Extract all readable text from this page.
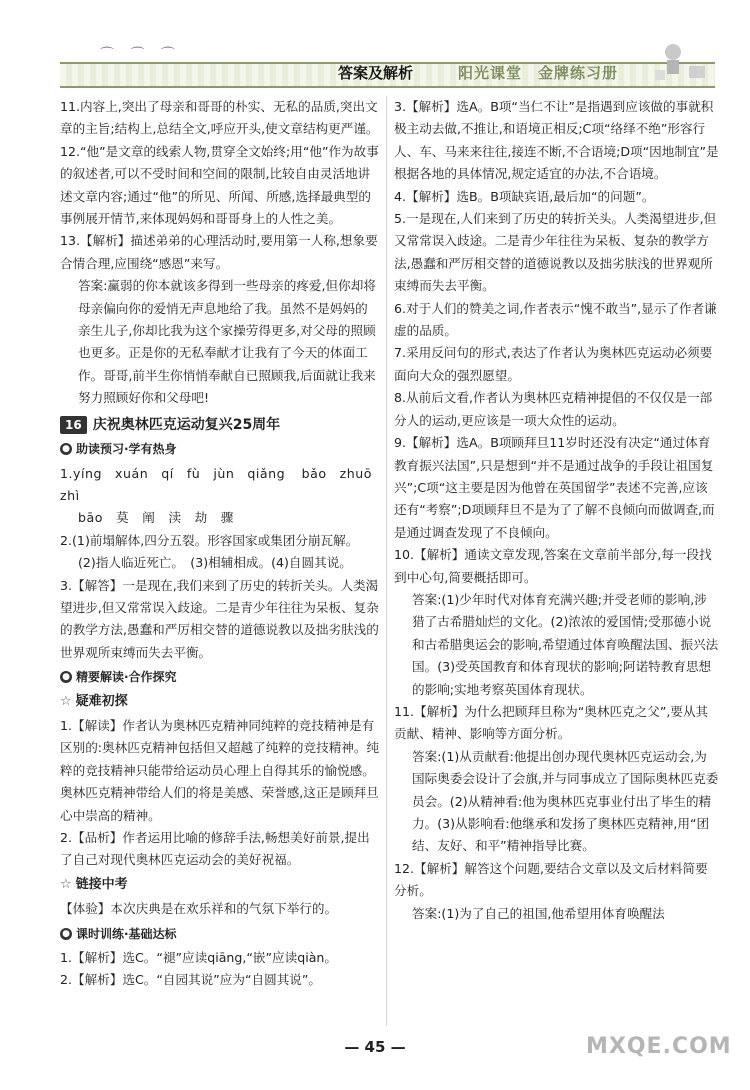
⌒ ⌒ ⌒
答案及解析	阳光课堂　金牌练习册

11.内容上,突出了母亲和哥哥的朴实、无私的品质,突出文章的主旨;结构上,总结全文,呼应开头,使文章结构更严谨。

12.“他”是文章的线索人物,贯穿全文始终;用“他”作为故事的叙述者,可以不受时间和空间的限制,比较自由灵活地讲述文章内容;通过“他”的所见、所闻、所感,选择最典型的事例展开情节,来体现妈妈和哥哥身上的人性之美。

13.【解析】描述弟弟的心理活动时,要用第一人称,想象要合情合理,应围绕“感恩”来写。

答案:赢弱的你本就该多得到一些母亲的疼爱,但你却将母亲偏向你的爱悄无声息地给了我。虽然不是妈妈的亲生儿子,你却比我为这个家操劳得更多,对父母的照顾也更多。正是你的无私奉献才让我有了今天的体面工作。哥哥,前半生你悄悄奉献自已照顾我,后面就让我来努力照顾好你和父母吧!

16 庆祝奥林匹克运动复兴25周年
● 助读预习·学有热身

1.yíng　xuán　qí　fù　jùn　qiǎng bǎo　zhuō　zhì

bāo　莫　阐　渎　劫　骤

2.(1)前塌解体,四分五裂。形容国家或集团分崩瓦解。

(2)指人临近死亡。　(3)相辅相成。(4)自圆其说。

3.【解答】一是现在,我们来到了历史的转折关头。人类渴望进步,但又常常误入歧途。二是青少年往往为呆板、复杂的教学方法,愚蠢和严厉相交替的道德说教以及拙劣肤浅的世界观所束缚而失去平衡。

● 精要解读·合作探究
☆ 疑难初探

1.【解读】作者认为奥林匹克精神同纯粹的竞技精神是有区别的:奥林匹克精神包括但又超越了纯粹的竞技精神。纯粹的竞技精神只能带给运动员心理上自得其乐的愉悦感。奥林匹克精神带给人们的将是美感、荣誉感,这正是顾拜旦心中崇高的精神。

2.【品析】作者运用比喻的修辞手法,畅想美好前景,提出了自己对现代奥林匹克运动会的美好祝福。

☆ 链接中考

【体验】本次庆典是在欢乐祥和的气氛下举行的。

● 课时训练·基础达标

1.【解析】选C。“褪”应读qiāng,“嵌”应读qiàn。

2.【解析】选C。“自园其说”应为“自圆其说”。

3.【解析】选A。B项“当仁不让”是指遇到应该做的事就积极主动去做,不推让,和语境正相反;C项“络绎不绝”形容行人、车、马来来往往,接连不断,不合语境;D项“因地制宜”是根据各地的具体情况,规定适宜的办法,不合语境。

4.【解析】选B。B项缺宾语,最后加“的问题”。

5.一是现在,人们来到了历史的转折关头。人类渴望进步,但又常常误入歧途。二是青少年往往为呆板、复杂的教学方法,愚蠢和严厉相交替的道德说教以及拙劣肤浅的世界观所束缚而失去平衡。

6.对于人们的赞美之词,作者表示“愧不敢当”,显示了作者谦虚的品质。

7.采用反问句的形式,表达了作者认为奥林匹克运动必须要面向大众的强烈愿望。

8.从前后文看,作者认为奥林匹克精神提倡的不仅仅是一部分人的运动,更应该是一项大众性的运动。

9.【解析】选A。B项顾拜旦11岁时还没有决定“通过体育教育振兴法国”,只是想到“并不是通过战争的手段让祖国复兴”;C项“这主要是因为他曾在英国留学”表述不完善,应该还有“考察”;D项顾拜旦不是为了了解不良倾向而做调查,而是通过调查发现了不良倾向。

10.【解析】通读文章发现,答案在文章前半部分,每一段找到中心句,简要概括即可。

答案:(1)少年时代对体育充满兴趣;并受老师的影响,涉猎了古希腊灿烂的文化。(2)浓浓的爱国情;受那德小说和古希腊奥运会的影响,希望通过体育唤醒法国、振兴法国。(3)受英国教育和体育现状的影响;阿诺特教育思想的影响;实地考察英国体育现状。

11.【解析】为什么把顾拜旦称为“奥林匹克之父”,要从其贡献、精神、影响等方面分析。

答案:(1)从贡献看:他提出创办现代奥林匹克运动会,为国际奥委会设计了会旗,并与同事成立了国际奥林匹克委员会。(2)从精神看:他为奥林匹克事业付出了毕生的精力。(3)从影响看:他继承和发扬了奥林匹克精神,用“团结、友好、和平”精神指导比赛。

12.【解析】解答这个问题,要结合文章以及文后材料简要分析。

答案:(1)为了自己的祖国,他希望用体育唤醒法

— 45 —	MXQE.COM
